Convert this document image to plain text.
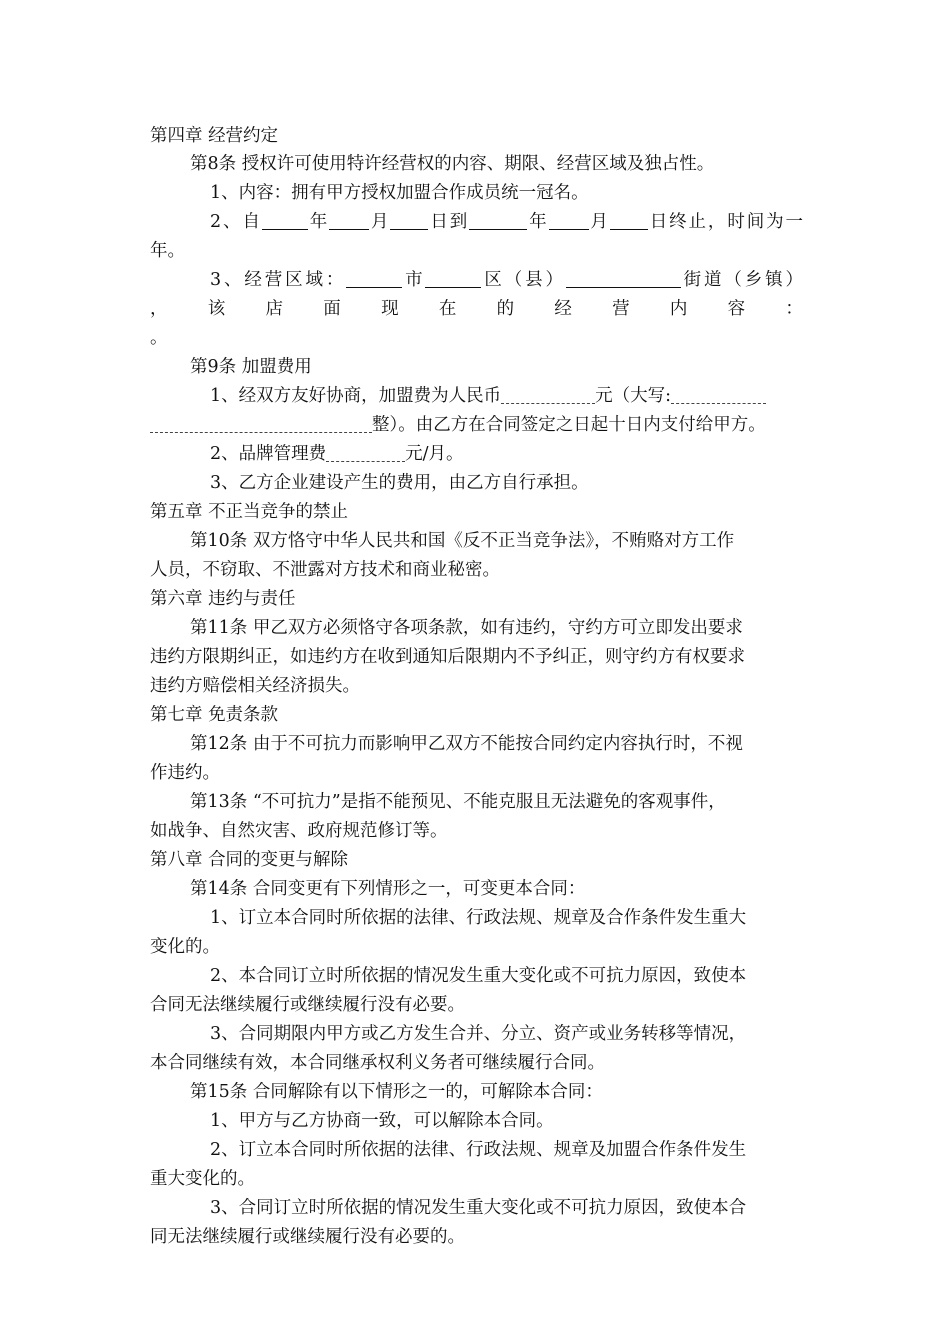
第四章 经营约定
第8条 授权许可使用特许经营权的内容、期限、经营区域及独占性。
1、内容：拥有甲方授权加盟合作成员统一冠名。
2、自	年 月 日到	年 月 日终止，时间为一
年。
3、经营区域：	市	区（县）	街道（乡镇）
， 该 店 面 现 在 的 经 营 内 容 ：
。
第9条 加盟费用
1、经双方友好协商，加盟费为人民币	元（大写:
整）。由乙方在合同签定之日起十日内支付给甲方。
2、品牌管理费	元/月。
3、乙方企业建设产生的费用，由乙方自行承担。
第五章 不正当竞争的禁止
第10条 双方恪守中华人民共和国《反不正当竞争法》，不贿赂对方工作
人员，不窃取、不泄露对方技术和商业秘密。
第六章 违约与责任
第11条 甲乙双方必须恪守各项条款，如有违约，守约方可立即发出要求
违约方限期纠正，如违约方在收到通知后限期内不予纠正，则守约方有权要求
违约方赔偿相关经济损失。
第七章 免责条款
第12条 由于不可抗力而影响甲乙双方不能按合同约定内容执行时，不视
作违约。
第13条 “不可抗力”是指不能预见、不能克服且无法避免的客观事件，
如战争、自然灾害、政府规范修订等。
第八章 合同的变更与解除
第14条 合同变更有下列情形之一，可变更本合同：
1、订立本合同时所依据的法律、行政法规、规章及合作条件发生重大
变化的。
2、本合同订立时所依据的情况发生重大变化或不可抗力原因，致使本
合同无法继续履行或继续履行没有必要。
3、合同期限内甲方或乙方发生合并、分立、资产或业务转移等情况，
本合同继续有效，本合同继承权利义务者可继续履行合同。
第15条 合同解除有以下情形之一的，可解除本合同：
1、甲方与乙方协商一致，可以解除本合同。
2、订立本合同时所依据的法律、行政法规、规章及加盟合作条件发生
重大变化的。
3、合同订立时所依据的情况发生重大变化或不可抗力原因，致使本合
同无法继续履行或继续履行没有必要的。
